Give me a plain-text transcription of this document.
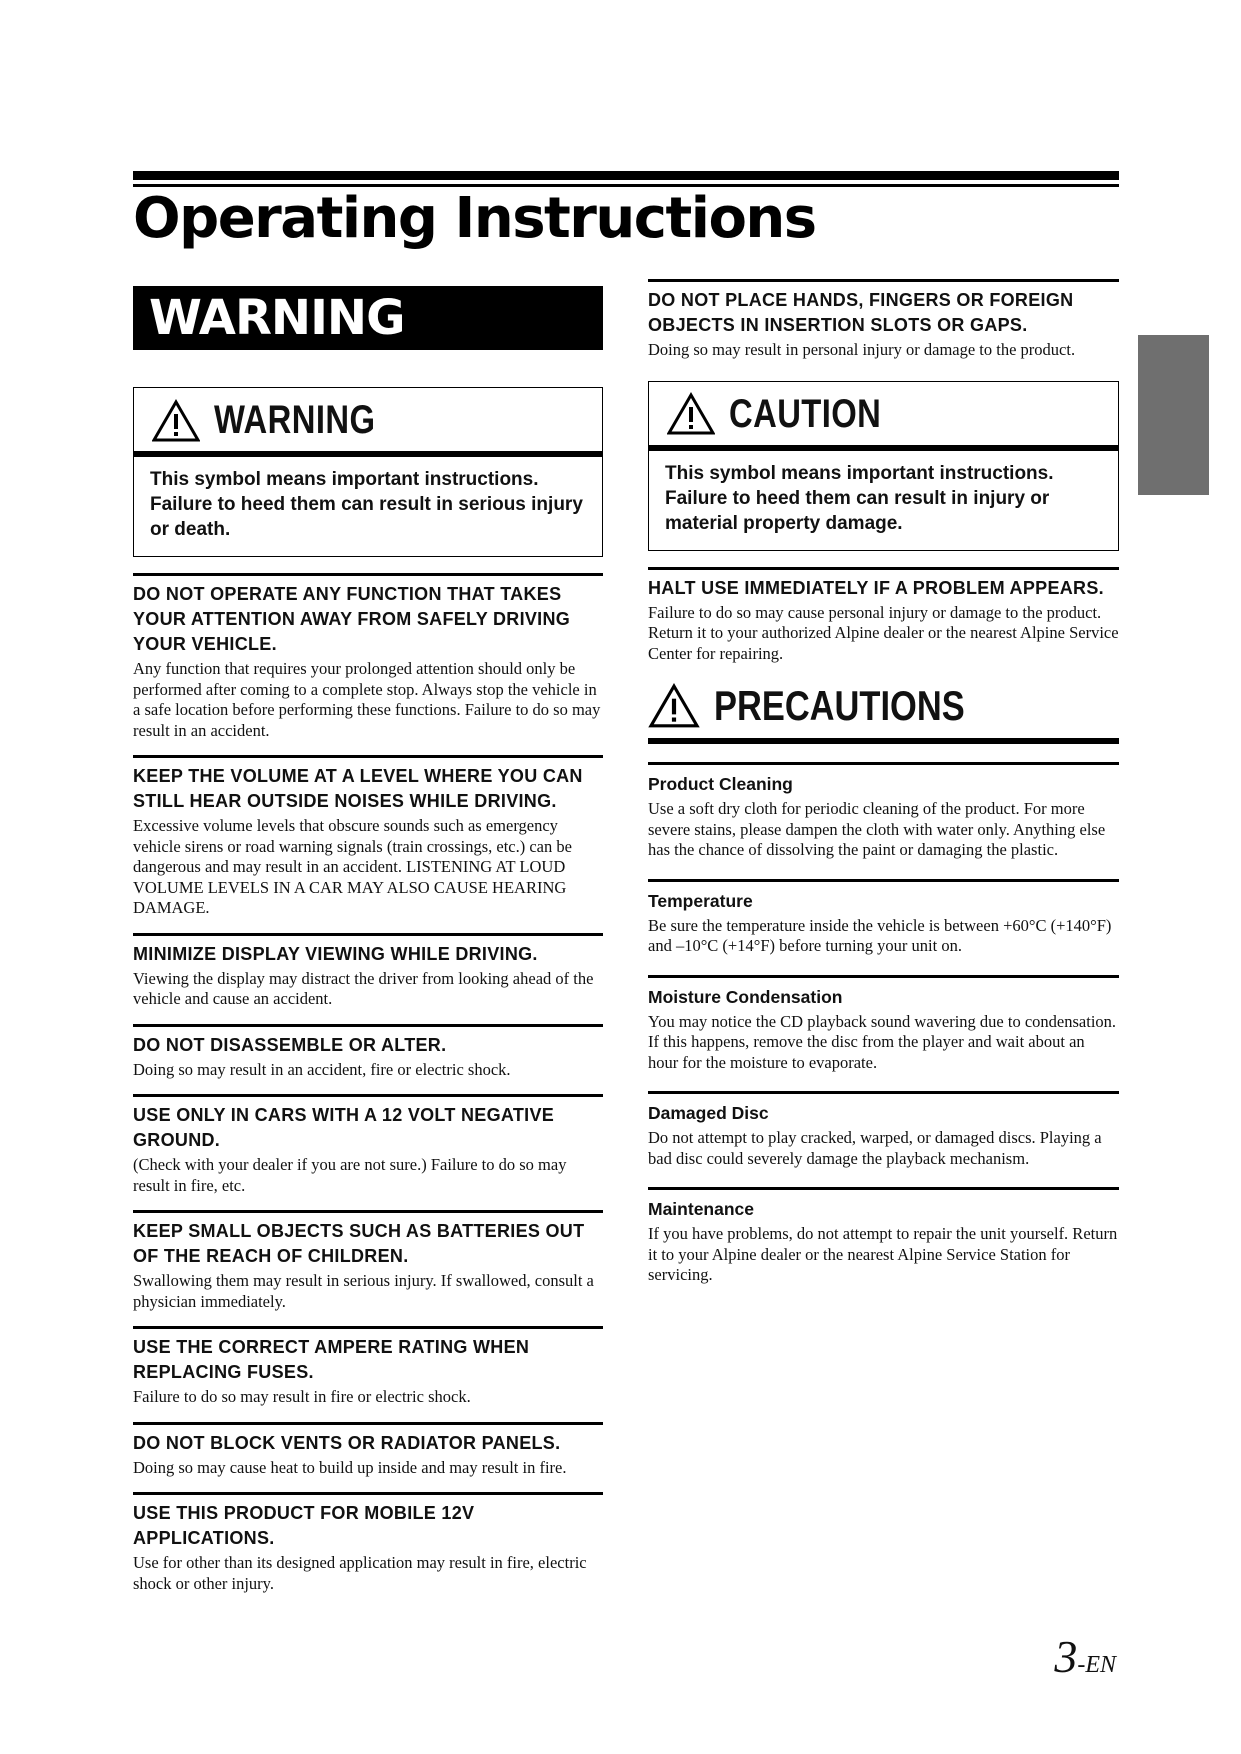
Operating Instructions
WARNING
WARNING
This symbol means important instructions. Failure to heed them can result in serious injury or death.
DO NOT OPERATE ANY FUNCTION THAT TAKES YOUR ATTENTION AWAY FROM SAFELY DRIVING YOUR VEHICLE.
Any function that requires your prolonged attention should only be performed after coming to a complete stop. Always stop the vehicle in a safe location before performing these functions. Failure to do so may result in an accident.
KEEP THE VOLUME AT A LEVEL WHERE YOU CAN STILL HEAR OUTSIDE NOISES WHILE DRIVING.
Excessive volume levels that obscure sounds such as emergency vehicle sirens or road warning signals (train crossings, etc.) can be dangerous and may result in an accident. LISTENING AT LOUD VOLUME LEVELS IN A CAR MAY ALSO CAUSE HEARING DAMAGE.
MINIMIZE DISPLAY VIEWING WHILE DRIVING.
Viewing the display may distract the driver from looking ahead of the vehicle and cause an accident.
DO NOT DISASSEMBLE OR ALTER.
Doing so may result in an accident, fire or electric shock.
USE ONLY IN CARS WITH A 12 VOLT NEGATIVE GROUND.
(Check with your dealer if you are not sure.) Failure to do so may result in fire, etc.
KEEP SMALL OBJECTS SUCH AS BATTERIES OUT OF THE REACH OF CHILDREN.
Swallowing them may result in serious injury. If swallowed, consult a physician immediately.
USE THE CORRECT AMPERE RATING WHEN REPLACING FUSES.
Failure to do so may result in fire or electric shock.
DO NOT BLOCK VENTS OR RADIATOR PANELS.
Doing so may cause heat to build up inside and may result in fire.
USE THIS PRODUCT FOR MOBILE 12V APPLICATIONS.
Use for other than its designed application may result in fire, electric shock or other injury.
DO NOT PLACE HANDS, FINGERS OR FOREIGN OBJECTS IN INSERTION SLOTS OR GAPS.
Doing so may result in personal injury or damage to the product.
CAUTION
This symbol means important instructions. Failure to heed them can result in injury or material property damage.
HALT USE IMMEDIATELY IF A PROBLEM APPEARS.
Failure to do so may cause personal injury or damage to the product. Return it to your authorized Alpine dealer or the nearest Alpine Service Center for repairing.
PRECAUTIONS
Product Cleaning
Use a soft dry cloth for periodic cleaning of the product. For more severe stains, please dampen the cloth with water only. Anything else has the chance of dissolving the paint or damaging the plastic.
Temperature
Be sure the temperature inside the vehicle is between +60°C (+140°F) and –10°C (+14°F) before turning your unit on.
Moisture Condensation
You may notice the CD playback sound wavering due to condensation. If this happens, remove the disc from the player and wait about an hour for the moisture to evaporate.
Damaged Disc
Do not attempt to play cracked, warped, or damaged discs. Playing a bad disc could severely damage the playback mechanism.
Maintenance
If you have problems, do not attempt to repair the unit yourself. Return it to your Alpine dealer or the nearest Alpine Service Station for servicing.
3-EN
